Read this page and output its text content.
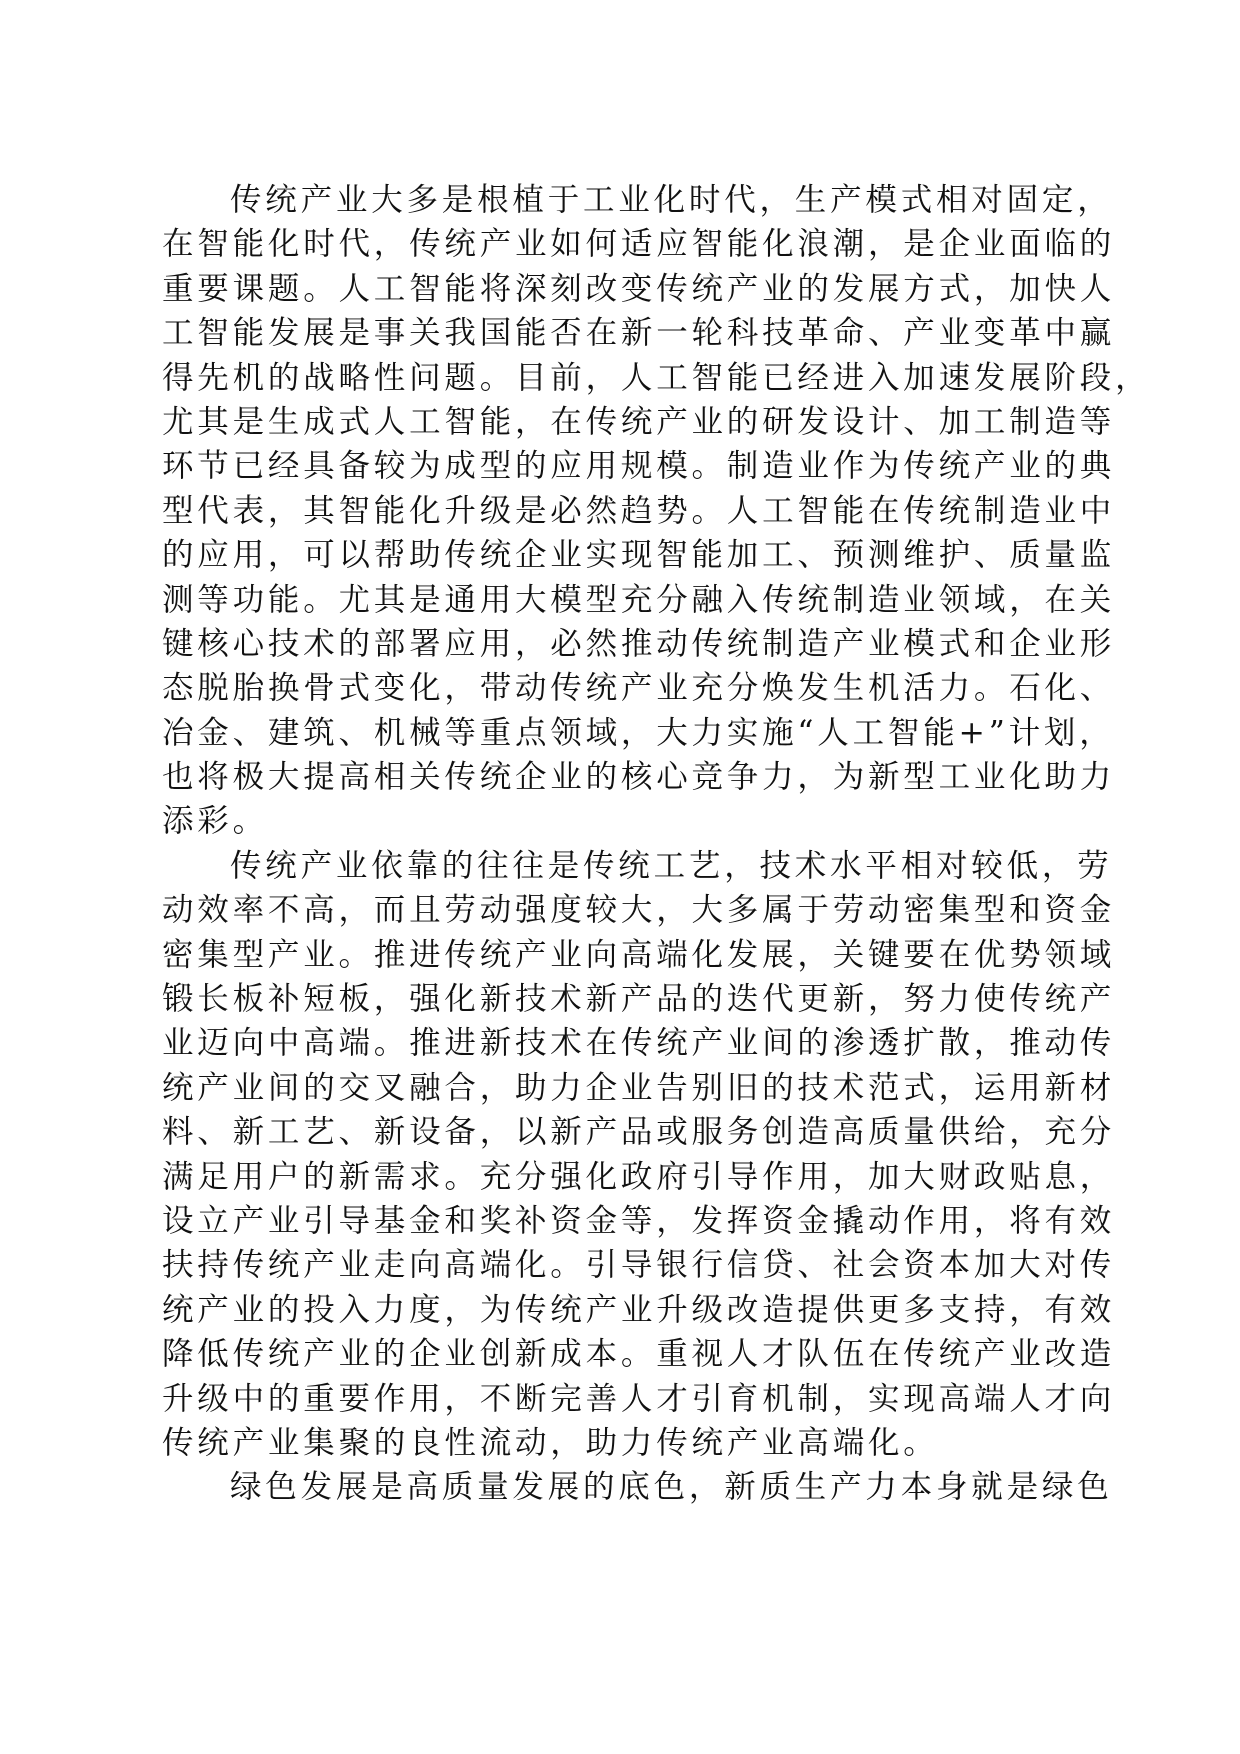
传统产业大多是根植于工业化时代，生产模式相对固定，
在智能化时代，传统产业如何适应智能化浪潮，是企业面临的
重要课题。人工智能将深刻改变传统产业的发展方式，加快人
工智能发展是事关我国能否在新一轮科技革命、产业变革中赢
得先机的战略性问题。目前，人工智能已经进入加速发展阶段，
尤其是生成式人工智能，在传统产业的研发设计、加工制造等
环节已经具备较为成型的应用规模。制造业作为传统产业的典
型代表，其智能化升级是必然趋势。人工智能在传统制造业中
的应用，可以帮助传统企业实现智能加工、预测维护、质量监
测等功能。尤其是通用大模型充分融入传统制造业领域，在关
键核心技术的部署应用，必然推动传统制造产业模式和企业形
态脱胎换骨式变化，带动传统产业充分焕发生机活力。石化、
冶金、建筑、机械等重点领域，大力实施“人工智能+”计划，
也将极大提高相关传统企业的核心竞争力，为新型工业化助力
添彩。
传统产业依靠的往往是传统工艺，技术水平相对较低，劳
动效率不高，而且劳动强度较大，大多属于劳动密集型和资金
密集型产业。推进传统产业向高端化发展，关键要在优势领域
锻长板补短板，强化新技术新产品的迭代更新，努力使传统产
业迈向中高端。推进新技术在传统产业间的渗透扩散，推动传
统产业间的交叉融合，助力企业告别旧的技术范式，运用新材
料、新工艺、新设备，以新产品或服务创造高质量供给，充分
满足用户的新需求。充分强化政府引导作用，加大财政贴息，
设立产业引导基金和奖补资金等，发挥资金撬动作用，将有效
扶持传统产业走向高端化。引导银行信贷、社会资本加大对传
统产业的投入力度，为传统产业升级改造提供更多支持，有效
降低传统产业的企业创新成本。重视人才队伍在传统产业改造
升级中的重要作用，不断完善人才引育机制，实现高端人才向
传统产业集聚的良性流动，助力传统产业高端化。
绿色发展是高质量发展的底色，新质生产力本身就是绿色
